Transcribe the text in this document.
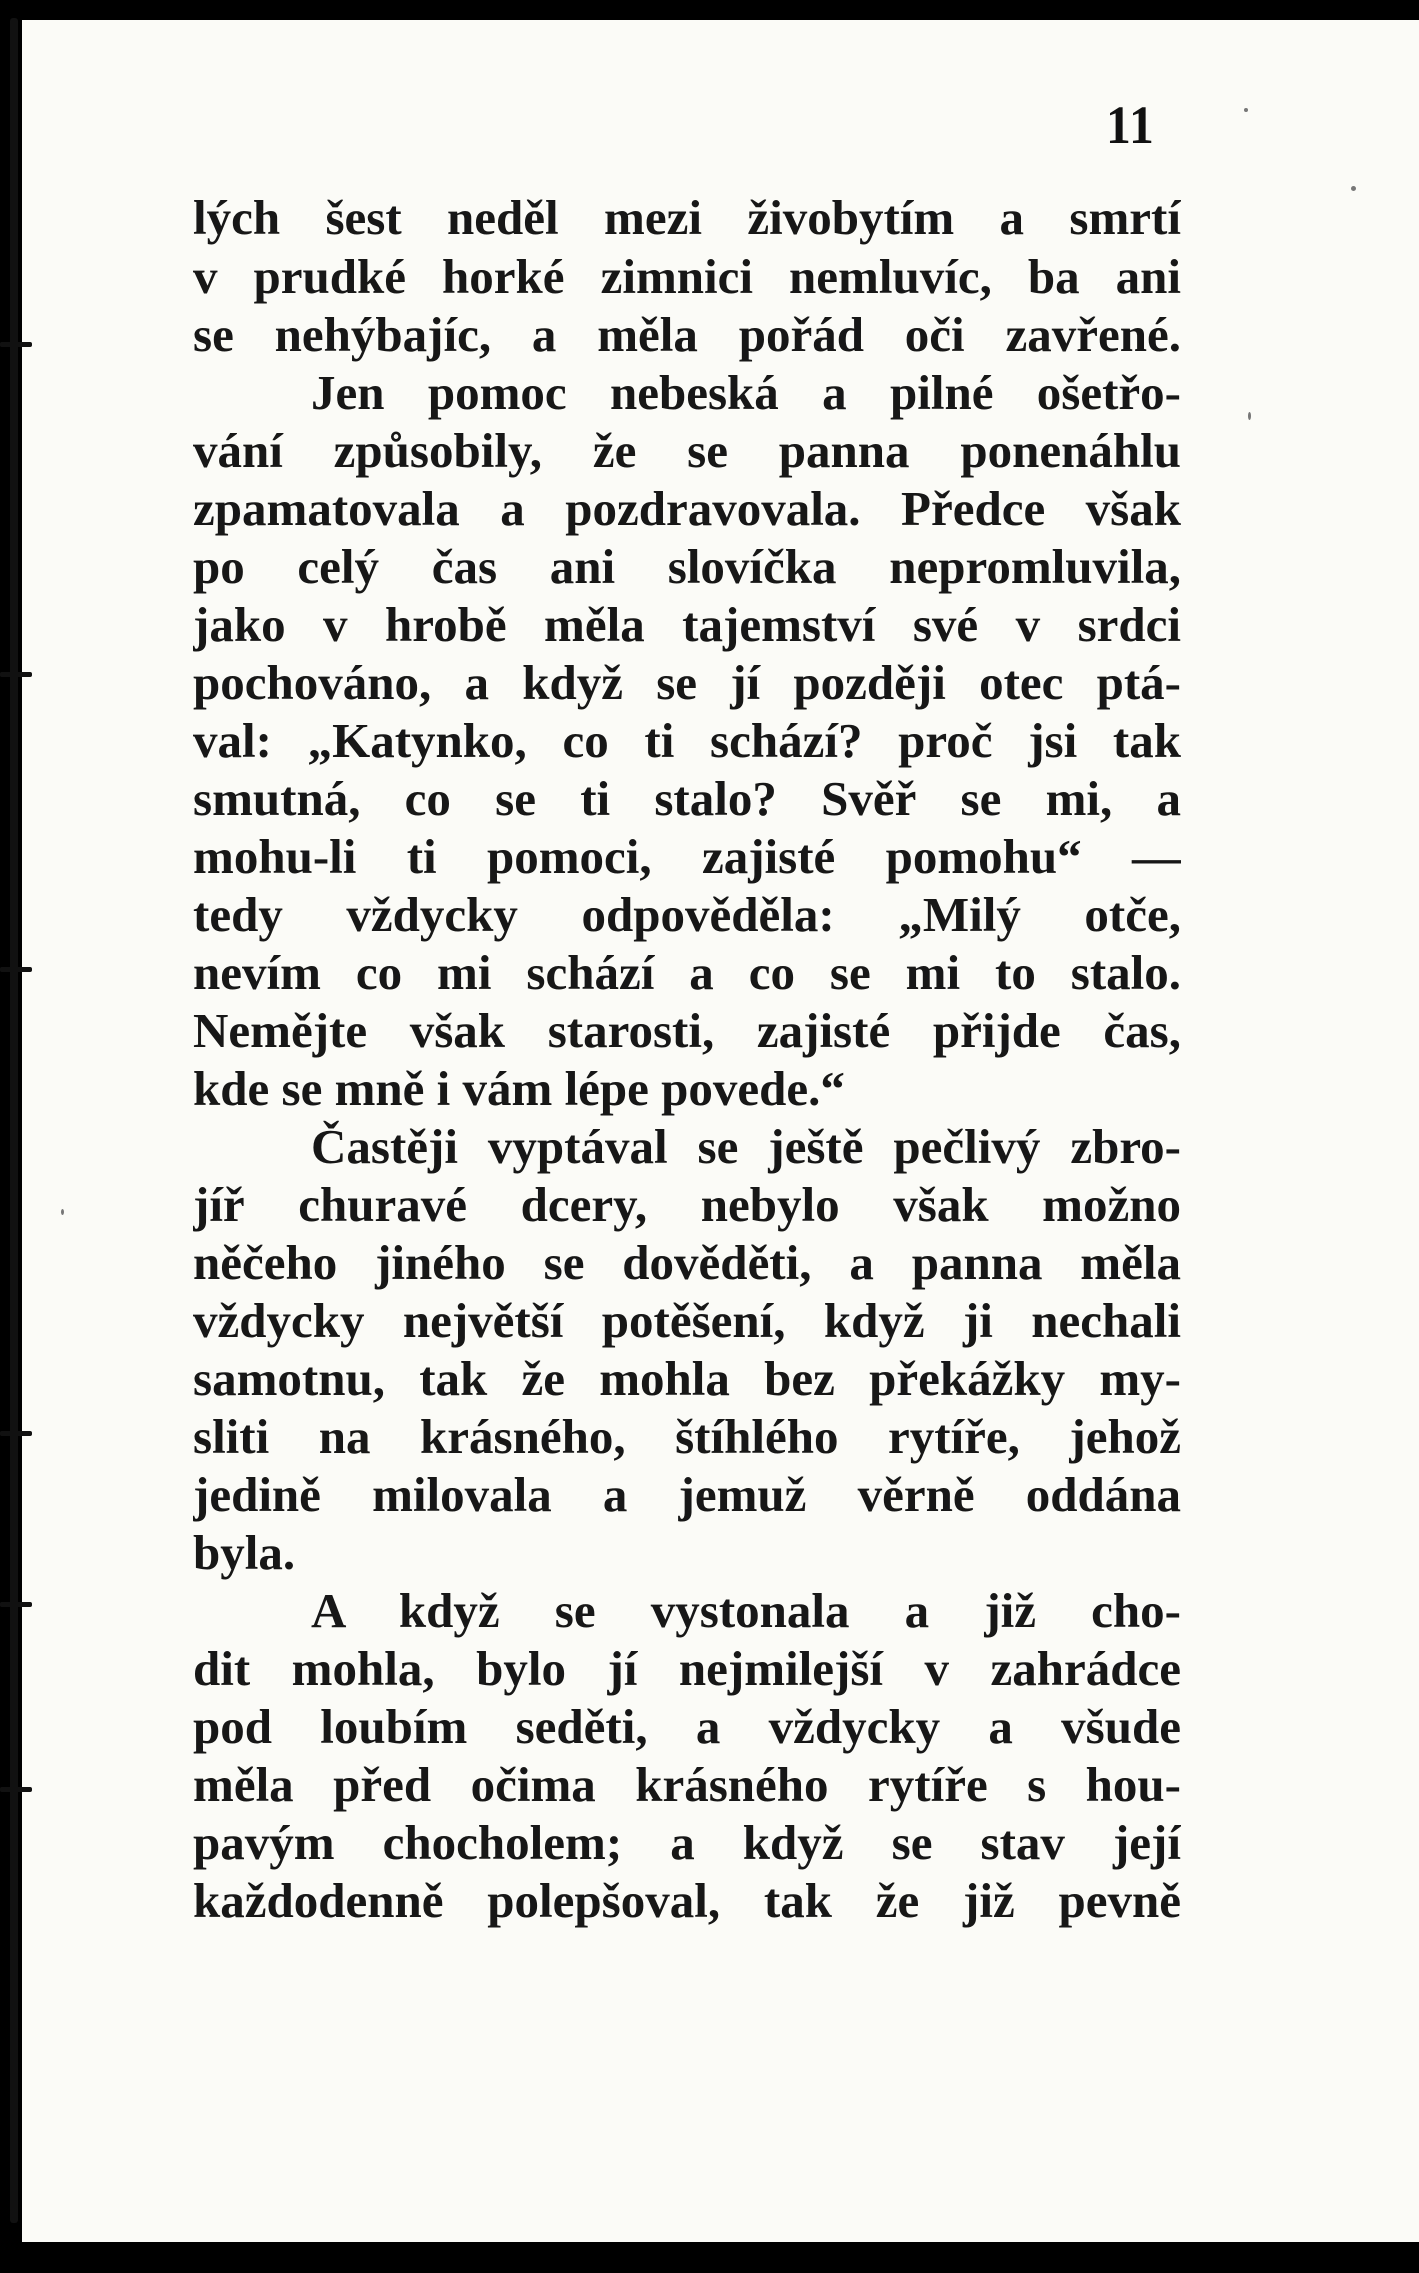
11

lých šest neděl mezi živobytím a smrtí

v prudké horké zimnici nemluvíc, ba ani

se nehýbajíc, a měla pořád oči zavřené.

Jen pomoc nebeská a pilné ošetřo-

vání způsobily, že se panna ponenáhlu

zpamatovala a pozdravovala. Předce však

po celý čas ani slovíčka nepromluvila,

jako v hrobě měla tajemství své v srdci

pochováno, a když se jí později otec ptá-

val: „Katynko, co ti schází? proč jsi tak

smutná, co se ti stalo? Svěř se mi, a

mohu-li ti pomoci, zajisté pomohu“ —

tedy vždycky odpověděla: „Milý otče,

nevím co mi schází a co se mi to stalo.

Nemějte však starosti, zajisté přijde čas,

kde se mně i vám lépe povede.“

Častěji vyptával se ještě pečlivý zbro-

jíř churavé dcery, nebylo však možno

něčeho jiného se dověděti, a panna měla

vždycky největší potěšení, když ji nechali

samotnu, tak že mohla bez překážky my-

sliti na krásného, štíhlého rytíře, jehož

jedině milovala a jemuž věrně oddána

byla.

A když se vystonala a již cho-

dit mohla, bylo jí nejmilejší v zahrádce

pod loubím seděti, a vždycky a všude

měla před očima krásného rytíře s hou-

pavým chocholem; a když se stav její

každodenně polepšoval, tak že již pevně
